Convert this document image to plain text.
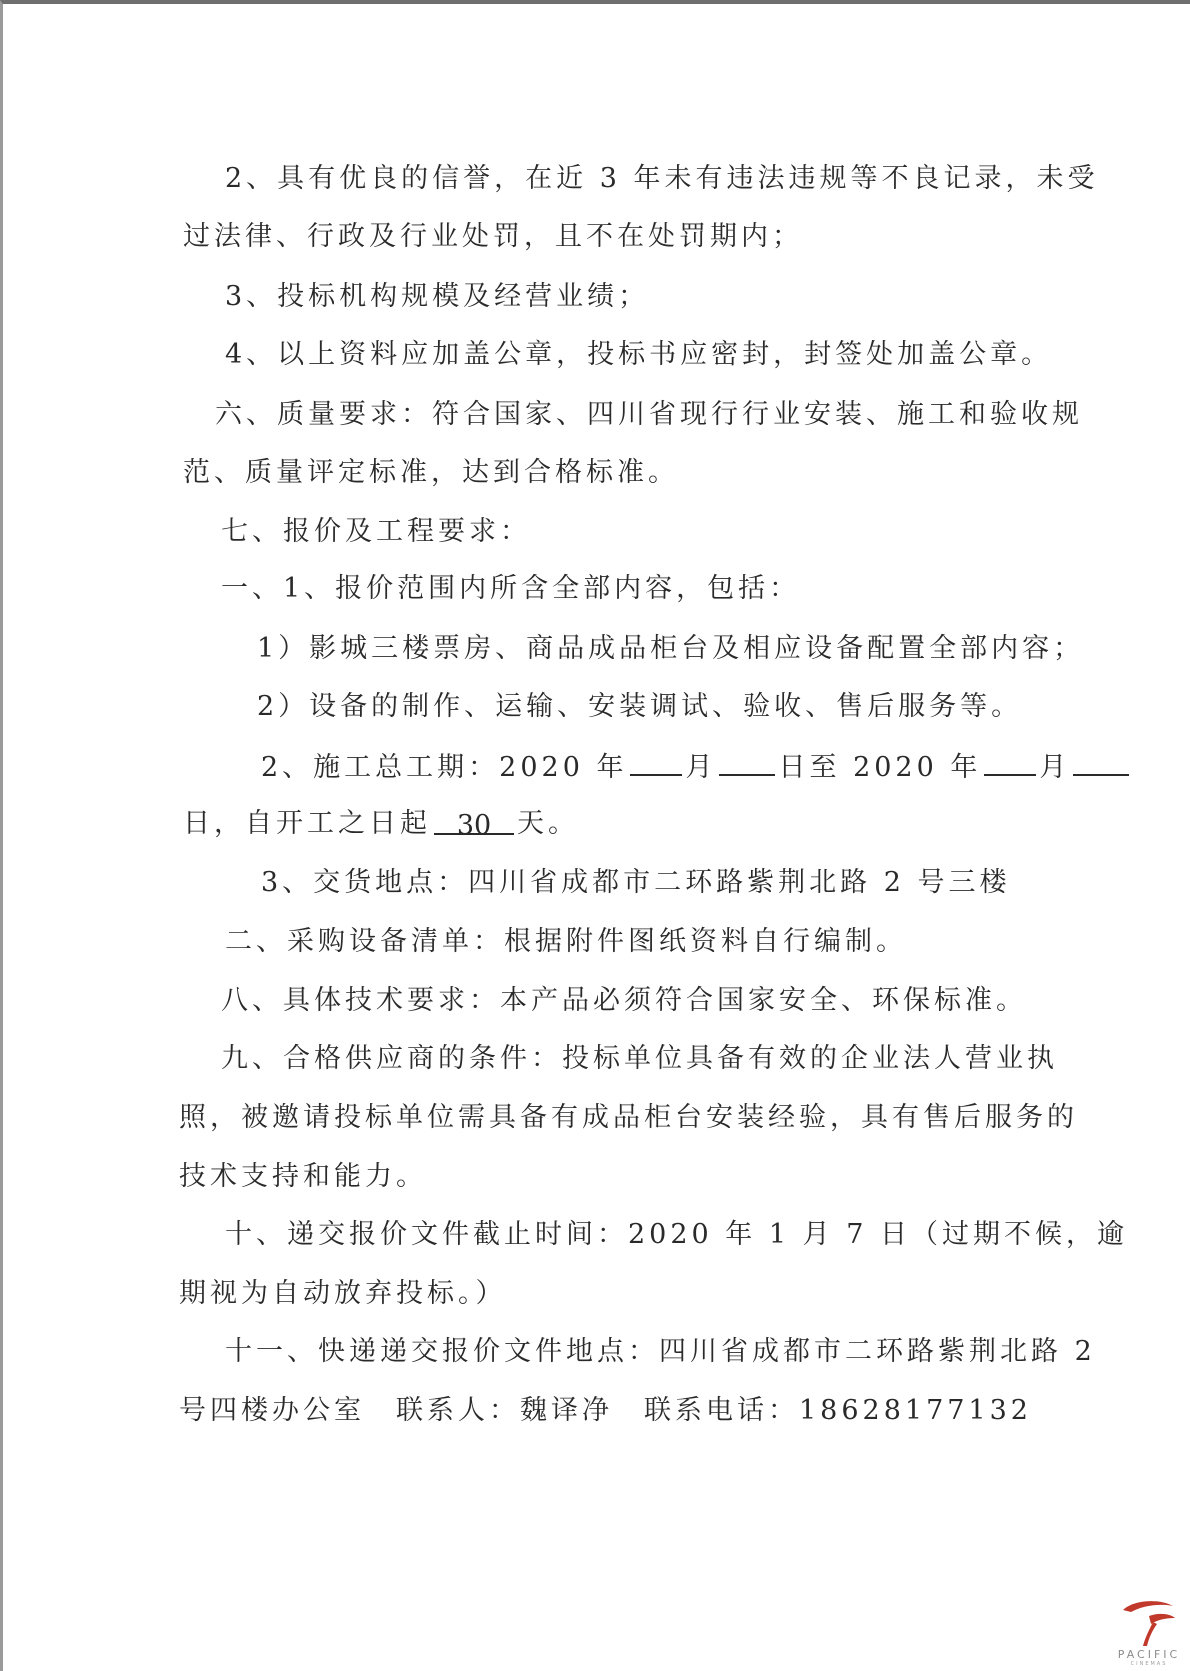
2、具有优良的信誉，在近 3 年未有违法违规等不良记录，未受
过法律、行政及行业处罚，且不在处罚期内；
3、投标机构规模及经营业绩；
4、以上资料应加盖公章，投标书应密封，封签处加盖公章。
六、质量要求：符合国家、四川省现行行业安装、施工和验收规
范、质量评定标准，达到合格标准。
七、报价及工程要求：
一、1、报价范围内所含全部内容，包括：
1）影城三楼票房、商品成品柜台及相应设备配置全部内容；
2）设备的制作、运输、安装调试、验收、售后服务等。
2、施工总工期：2020 年 月 日至 2020 年 月
日，自开工之日起 30 天。
3、交货地点：四川省成都市二环路紫荆北路 2 号三楼
二、采购设备清单：根据附件图纸资料自行编制。
八、具体技术要求：本产品必须符合国家安全、环保标准。
九、合格供应商的条件：投标单位具备有效的企业法人营业执
照，被邀请投标单位需具备有成品柜台安装经验，具有售后服务的
技术支持和能力。
十、递交报价文件截止时间：2020 年 1 月 7 日（过期不候，逾
期视为自动放弃投标。）
十一、快递递交报价文件地点：四川省成都市二环路紫荆北路 2
号四楼办公室　联系人：魏译净　联系电话：18628177132
PACIFIC
CINEMAS
